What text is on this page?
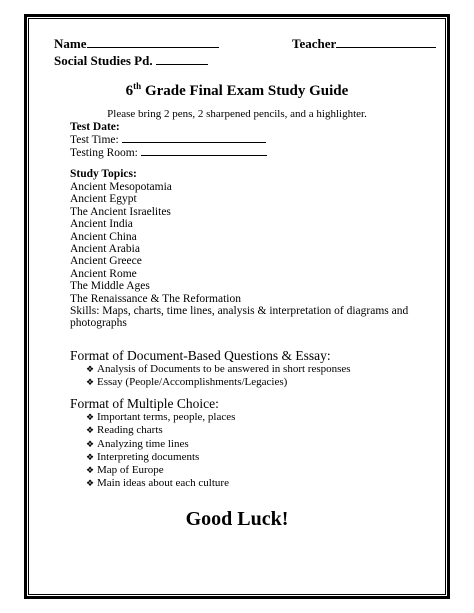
Name	Teacher
Social Studies Pd.
6th Grade Final Exam Study Guide
Please bring 2 pens, 2 sharpened pencils, and a highlighter.
Test Date:
Test Time:
Testing Room:
Study Topics:
Ancient Mesopotamia
Ancient Egypt
The Ancient Israelites
Ancient India
Ancient China
Ancient Arabia
Ancient Greece
Ancient Rome
The Middle Ages
The Renaissance & The Reformation
Skills: Maps, charts, time lines, analysis & interpretation of diagrams and
photographs
Format of Document-Based Questions & Essay:
❖ Analysis of Documents to be answered in short responses
❖ Essay (People/Accomplishments/Legacies)
Format of Multiple Choice:
❖ Important terms, people, places
❖ Reading charts
❖ Analyzing time lines
❖ Interpreting documents
❖ Map of Europe
❖ Main ideas about each culture
Good Luck!
